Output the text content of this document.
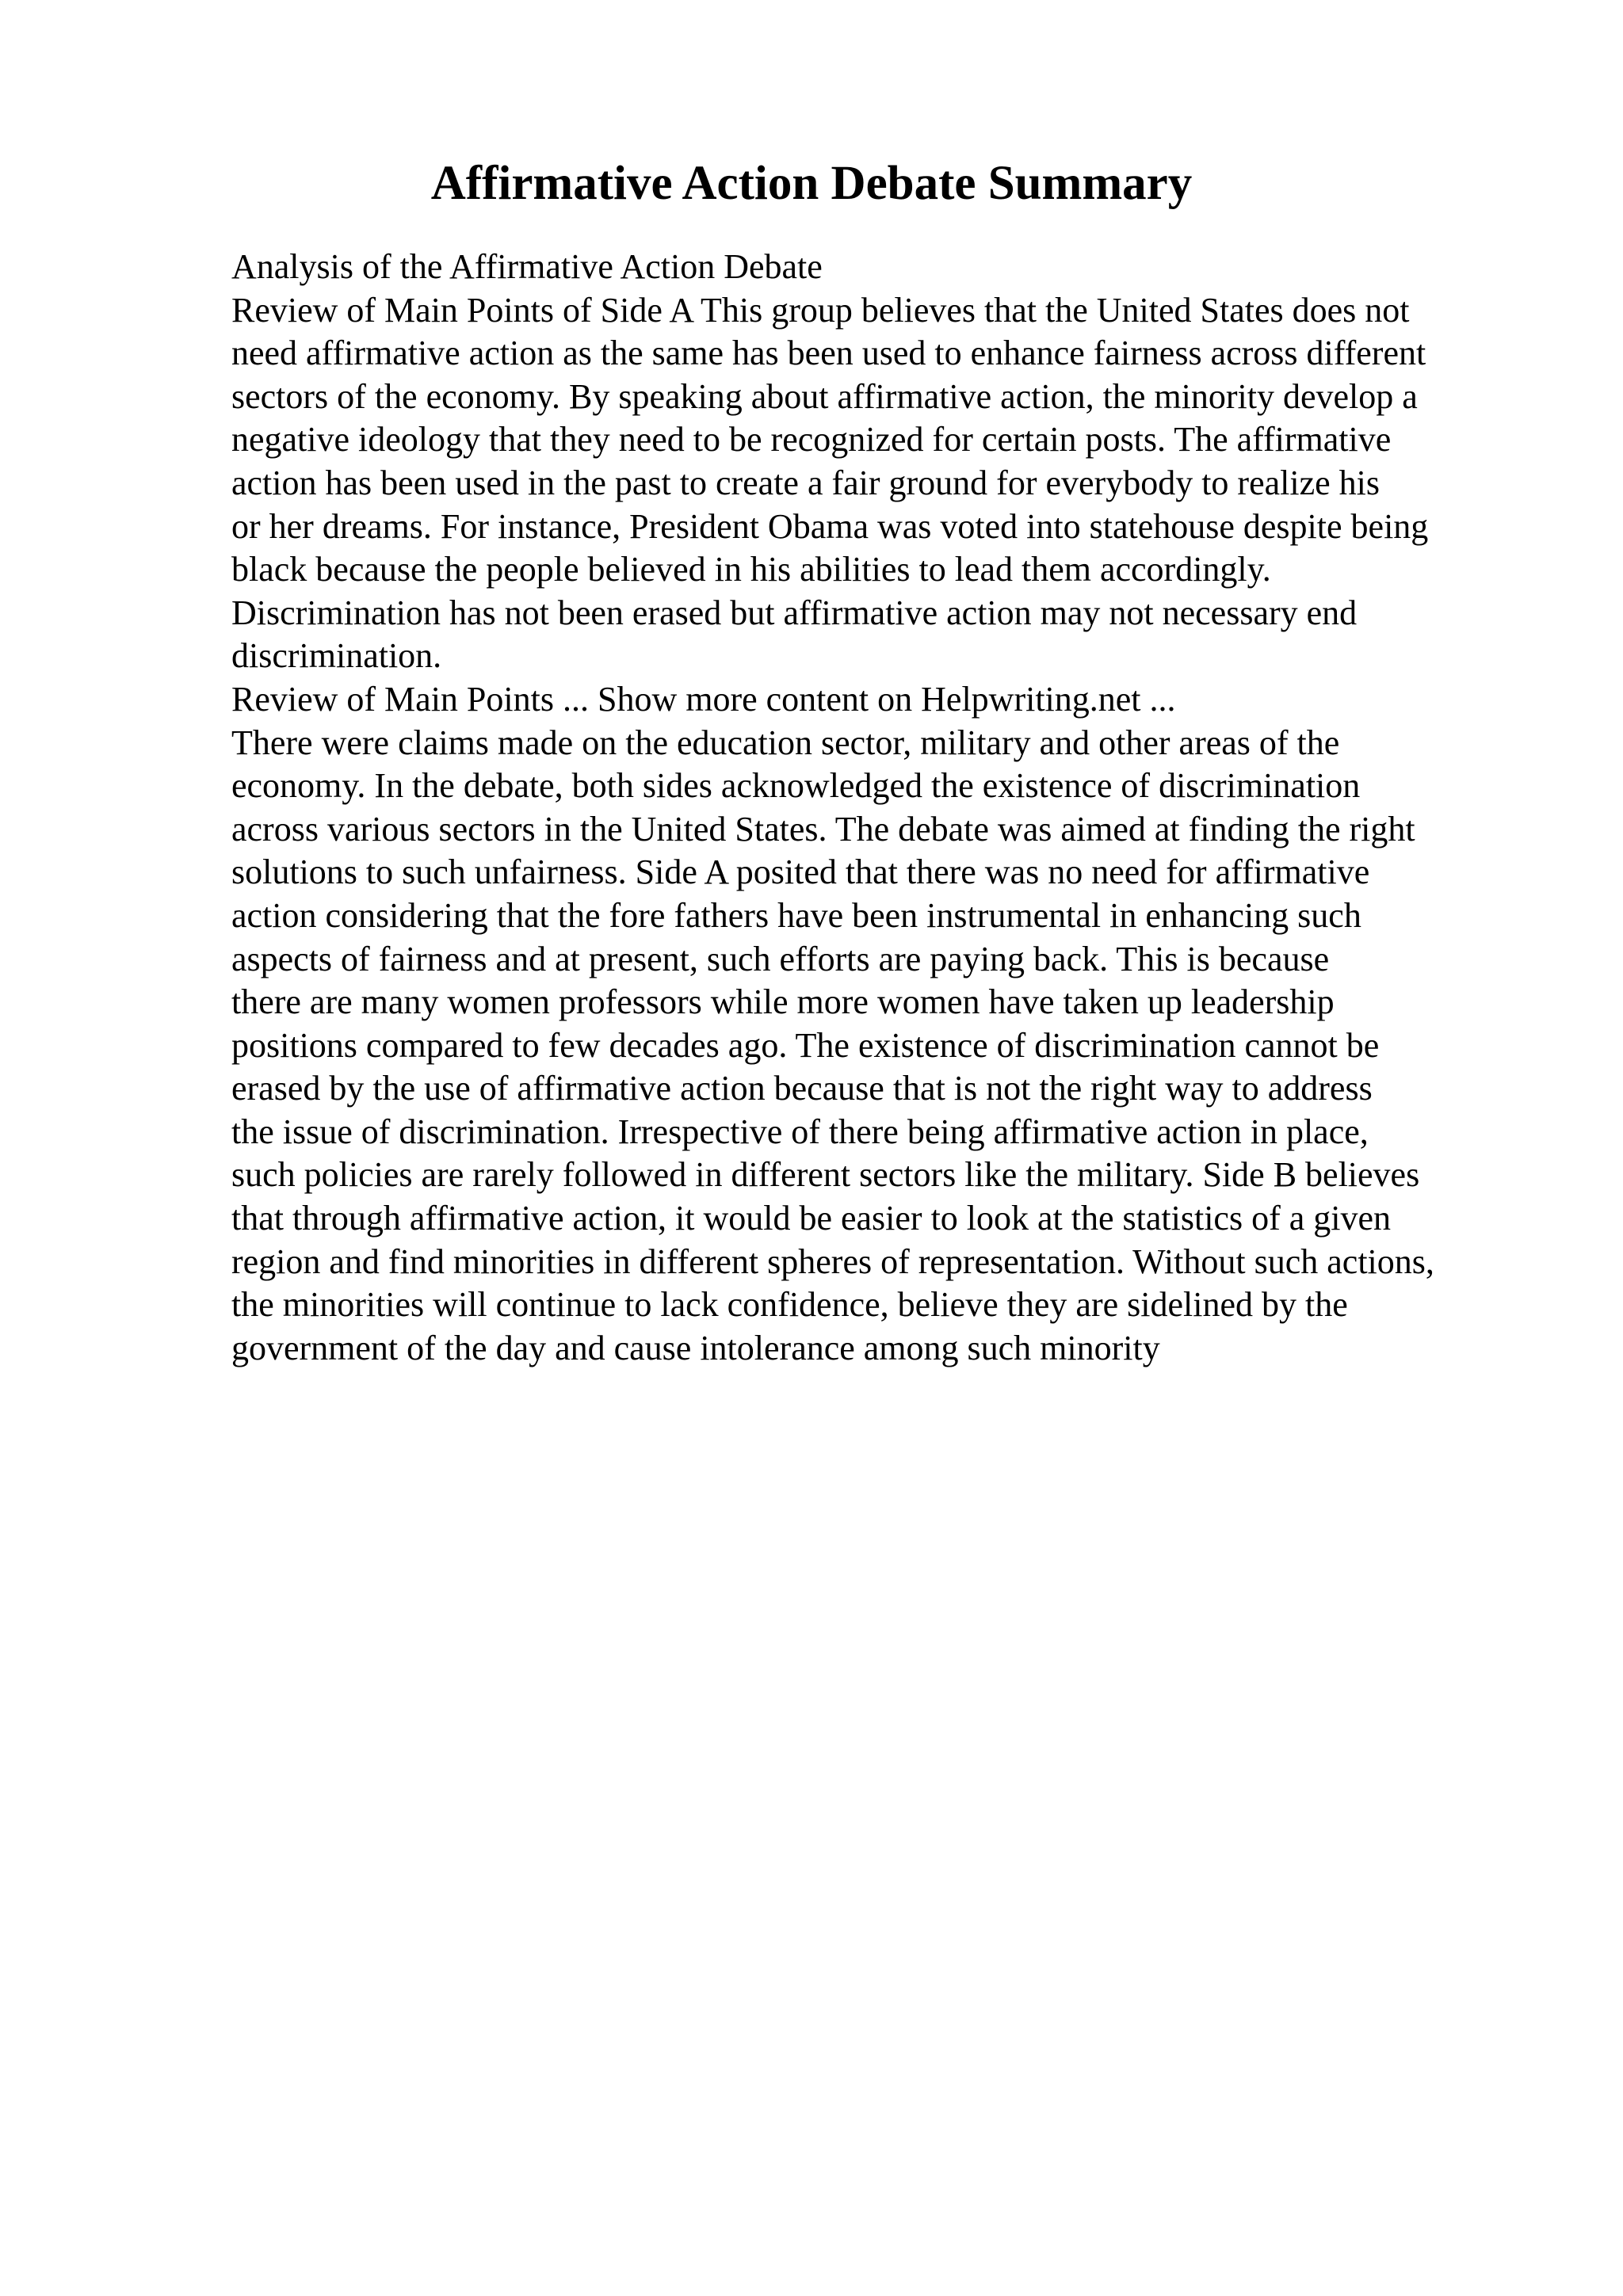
Affirmative Action Debate Summary
Analysis of the Affirmative Action Debate
Review of Main Points of Side A This group believes that the United States does not
need affirmative action as the same has been used to enhance fairness across different
sectors of the economy. By speaking about affirmative action, the minority develop a
negative ideology that they need to be recognized for certain posts. The affirmative
action has been used in the past to create a fair ground for everybody to realize his
or her dreams. For instance, President Obama was voted into statehouse despite being
black because the people believed in his abilities to lead them accordingly.
Discrimination has not been erased but affirmative action may not necessary end
discrimination.
Review of Main Points ... Show more content on Helpwriting.net ...
There were claims made on the education sector, military and other areas of the
economy. In the debate, both sides acknowledged the existence of discrimination
across various sectors in the United States. The debate was aimed at finding the right
solutions to such unfairness. Side A posited that there was no need for affirmative
action considering that the fore fathers have been instrumental in enhancing such
aspects of fairness and at present, such efforts are paying back. This is because
there are many women professors while more women have taken up leadership
positions compared to few decades ago. The existence of discrimination cannot be
erased by the use of affirmative action because that is not the right way to address
the issue of discrimination. Irrespective of there being affirmative action in place,
such policies are rarely followed in different sectors like the military. Side B believes
that through affirmative action, it would be easier to look at the statistics of a given
region and find minorities in different spheres of representation. Without such actions,
the minorities will continue to lack confidence, believe they are sidelined by the
government of the day and cause intolerance among such minority
